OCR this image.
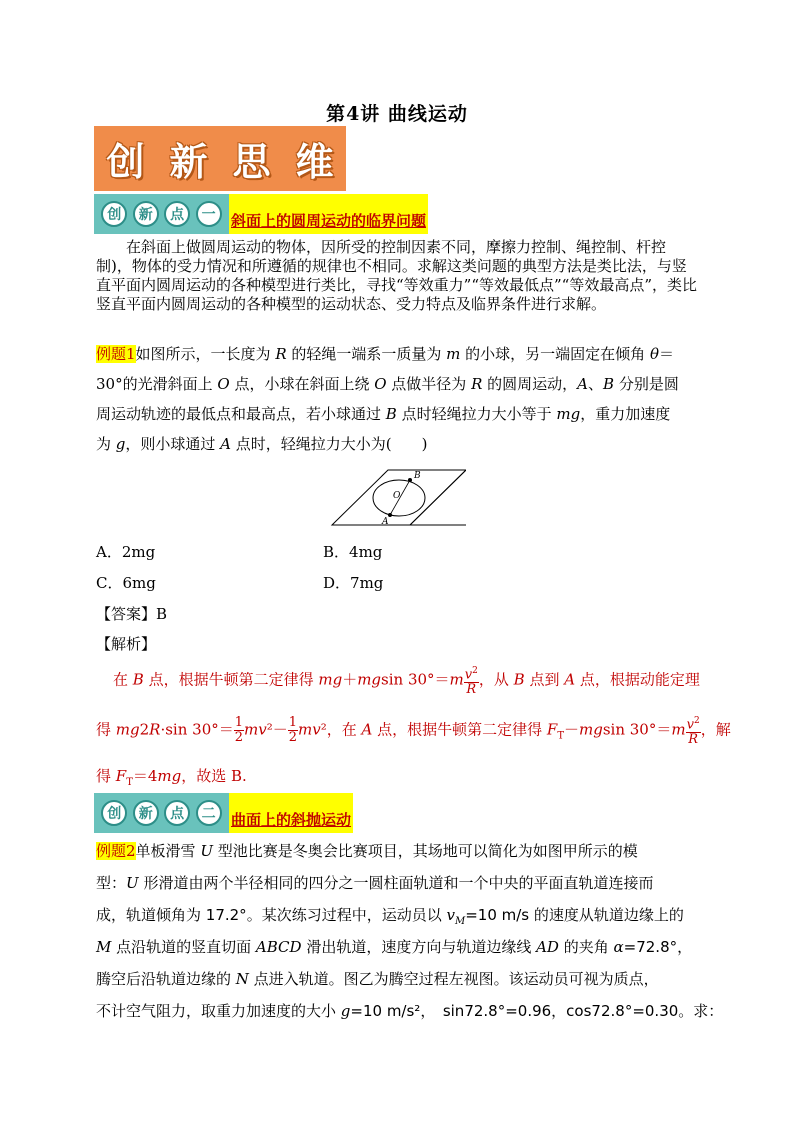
第4讲 曲线运动
创 新 思 维
创	新	点	一	斜面上的圆周运动的临界问题
在斜面上做圆周运动的物体，因所受的控制因素不同，摩擦力控制、绳控制、杆控制)，物体的受力情况和所遵循的规律也不相同。求解这类问题的典型方法是类比法，与竖直平面内圆周运动的各种模型进行类比，寻找“等效重力”“等效最低点”“等效最高点”，类比竖直平面内圆周运动的各种模型的运动状态、受力特点及临界条件进行求解。
例题1如图所示，一长度为 R 的轻绳一端系一质量为 m 的小球，另一端固定在倾角 θ＝
30°的光滑斜面上 O 点，小球在斜面上绕 O 点做半径为 R 的圆周运动，A、B 分别是圆
周运动轨迹的最低点和最高点，若小球通过 B 点时轻绳拉力大小等于 mg，重力加速度
为 g，则小球通过 A 点时，轻绳拉力大小为(　　)
B
O
A
A．2mg	B．4mg
C．6mg	D．7mg
【答案】B
【解析】
在 B 点，根据牛顿第二定律得 mg＋mgsin $30^\circ=m \frac{v^2}{R}$ ，从 B 点到 A 点，根据动能定理
得 mg2R·sin $30^\circ= \frac{1}{2} mv^2- \frac{1}{2} mv^2$，在 A 点，根据牛顿第二定律得 $F_T-mgsin$ $30^\circ=m \frac{v^2}{R}$ ，解
得 $F_T=4mg$，故选 B.
创	新	点	二	曲面上的斜抛运动
例题2单板滑雪 U 型池比赛是冬奥会比赛项目，其场地可以简化为如图甲所示的模
型：U 形滑道由两个半径相同的四分之一圆柱面轨道和一个中央的平面直轨道连接而
成，轨道倾角为 17.2°。某次练习过程中，运动员以 $v_M=10$ m/s 的速度从轨道边缘上的
M 点沿轨道的竖直切面 ABCD 滑出轨道，速度方向与轨道边缘线 AD 的夹角 α=72.8°，
腾空后沿轨道边缘的 N 点进入轨道。图乙为腾空过程左视图。该运动员可视为质点，
不计空气阻力，取重力加速度的大小 g=10 m/s²，　sin72.8°=0.96，cos72.8°=0.30。求：
